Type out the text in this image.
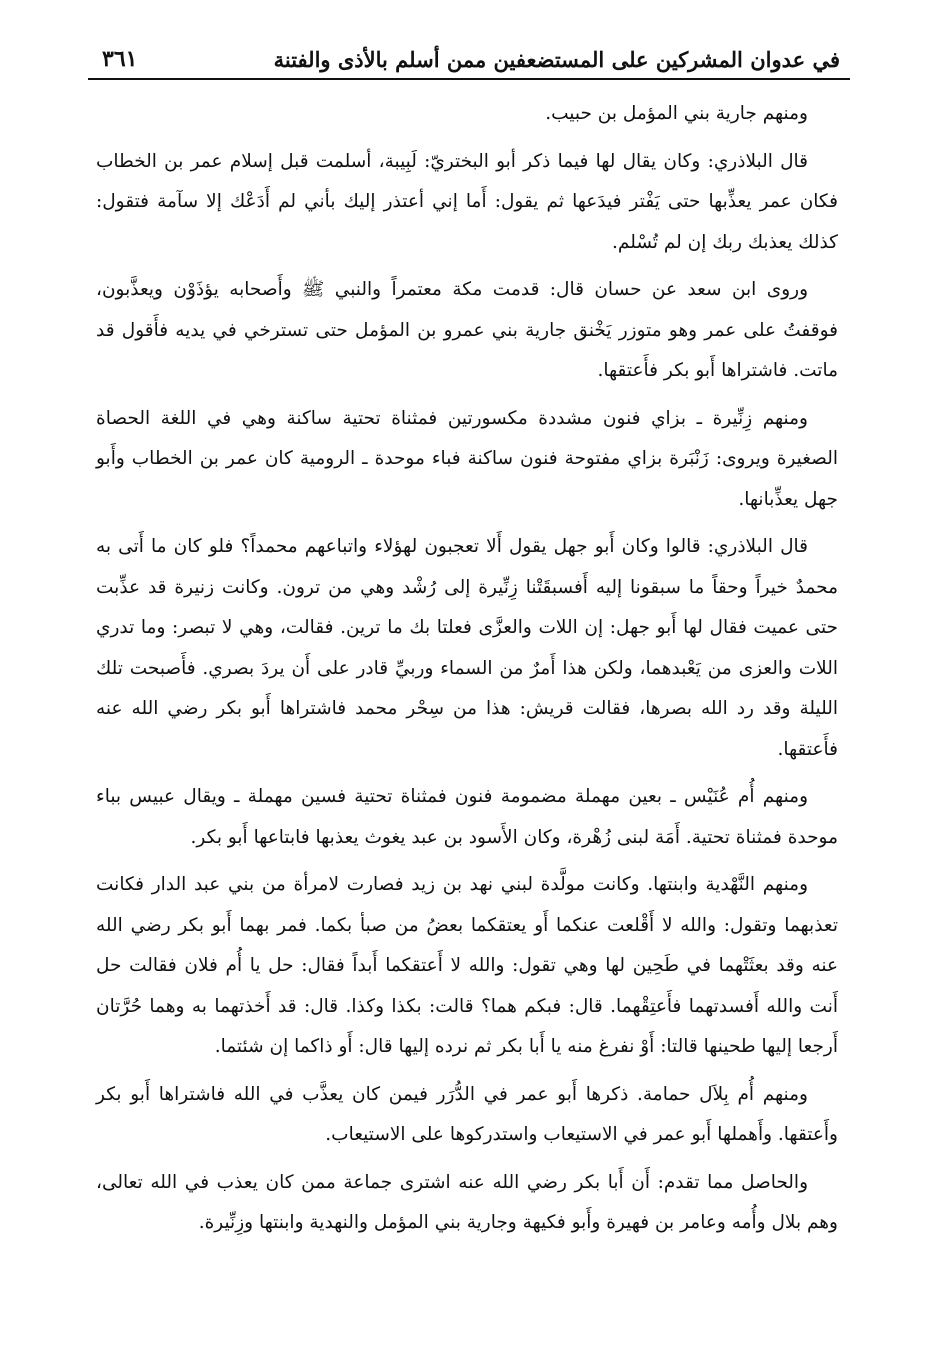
في عدوان المشركين على المستضعفين ممن أسلم بالأذى والفتنة
٣٦١

ومنهم جارية بني المؤمل بن حبيب.

قال البلاذري: وكان يقال لها فيما ذكر أبو البختريّ: لَبِيبة، أسلمت قبل إسلام عمر بن الخطاب فكان عمر يعذِّبها حتى يَفْتر فيدَعها ثم يقول: أَما إني أعتذر إليك بأني لم أَدَعْك إلا سآمة فتقول: كذلك يعذبك ربك إن لم تُسْلم.

وروى ابن سعد عن حسان قال: قدمت مكة معتمراً والنبي ﷺ وأَصحابه يؤذَوْن ويعذَّبون، فوقفتُ على عمر وهو متوزر يَخْنق جارية بني عمرو بن المؤمل حتى تسترخي في يديه فأَقول قد ماتت. فاشتراها أَبو بكر فأَعتقها.

ومنهم زِنِّيرة ـ بزاي فنون مشددة مكسورتين فمثناة تحتية ساكنة وهي في اللغة الحصاة الصغيرة ويروى: زَنْبَرة بزاي مفتوحة فنون ساكنة فباء موحدة ـ الرومية كان عمر بن الخطاب وأَبو جهل يعذِّبانها.

قال البلاذري: قالوا وكان أَبو جهل يقول أَلا تعجبون لهؤلاء واتباعهم محمداً؟ فلو كان ما أَتى به محمدٌ خيراً وحقاً ما سبقونا إليه أَفسبقَتْنا زِنِّيرة إلى رُشْد وهي من ترون. وكانت زنيرة قد عذِّبت حتى عميت فقال لها أَبو جهل: إن اللات والعزَّى فعلتا بك ما ترين. فقالت، وهي لا تبصر: وما تدري اللات والعزى من يَعْبدهما، ولكن هذا أَمرٌ من السماء وربيِّ قادر على أَن يردَ بصري. فأَصبحت تلك الليلة وقد رد الله بصرها، فقالت قريش: هذا من سِحْر محمد فاشتراها أَبو بكر رضي الله عنه فأَعتقها.

ومنهم أُم عُنَيْس ـ بعين مهملة مضمومة فنون فمثناة تحتية فسين مهملة ـ ويقال عبيس بباء موحدة فمثناة تحتية. أَمَة لبنى زُهْرة، وكان الأَسود بن عبد يغوث يعذبها فابتاعها أَبو بكر.

ومنهم النَّهْدية وابنتها. وكانت مولَّدة لبني نهد بن زيد فصارت لامرأة من بني عبد الدار فكانت تعذبهما وتقول: والله لا أَقْلعت عنكما أَو يعتقكما بعضُ من صبأ بكما. فمر بهما أَبو بكر رضي الله عنه وقد بعثَتْهما في طَحِين لها وهي تقول: والله لا أَعتقكما أَبداً فقال: حل يا أُم فلان فقالت حل أَنت والله أَفسدتهما فأَعتِقْهما. قال: فبكم هما؟ قالت: بكذا وكذا. قال: قد أَخذتهما به وهما حُرَّتان أَرجعا إليها طحينها قالتا: أَوْ نفرغ منه يا أَبا بكر ثم نرده إليها قال: أَو ذاكما إن شئتما.

ومنهم أُم بِلاَل حمامة. ذكرها أَبو عمر في الدُّرَر فيمن كان يعذَّب في الله فاشتراها أَبو بكر وأَعتقها. وأَهملها أَبو عمر في الاستيعاب واستدركوها على الاستيعاب.

والحاصل مما تقدم: أَن أَبا بكر رضي الله عنه اشترى جماعة ممن كان يعذب في الله تعالى، وهم بلال وأُمه وعامر بن فهيرة وأَبو فكيهة وجارية بني المؤمل والنهدية وابنتها وزِنِّيرة.
